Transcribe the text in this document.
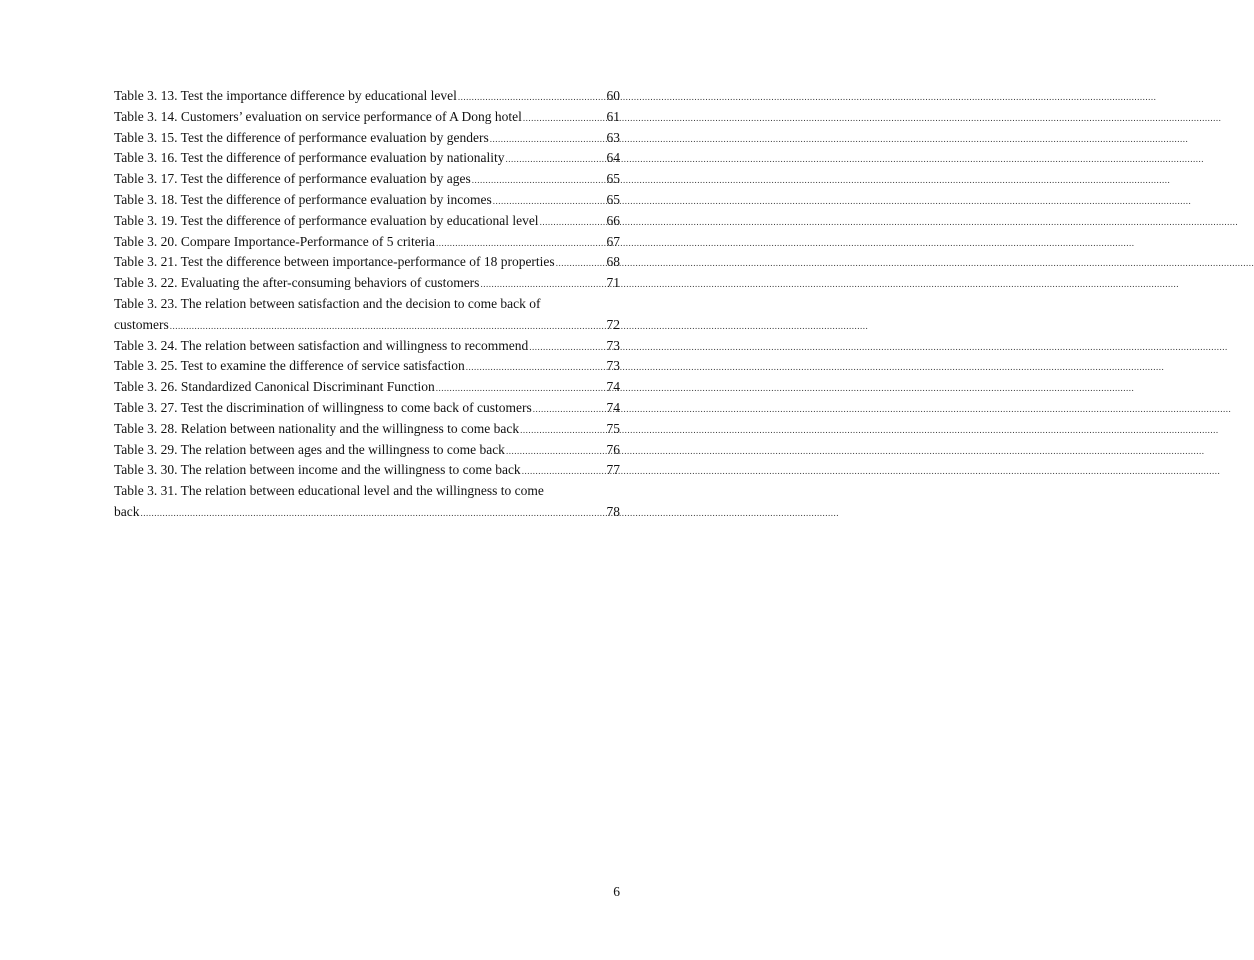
Table 3. 13. Test the importance difference by educational level .....	60
Table 3. 14. Customers’ evaluation on service performance of A Dong hotel .....	61
Table 3. 15. Test the difference of performance evaluation by genders .....	63
Table 3. 16. Test the difference of performance evaluation by nationality .....	64
Table 3. 17. Test the difference of performance evaluation by ages .....	65
Table 3. 18. Test the difference of performance evaluation by incomes .....	65
Table 3. 19. Test the difference of performance evaluation by educational level .....	66
Table 3. 20. Compare Importance-Performance of 5 criteria .....	67
Table 3. 21. Test the difference between importance-performance of 18 properties .....	68
Table 3. 22. Evaluating the after-consuming behaviors of customers .....	71
Table 3. 23. The relation between satisfaction and the decision to come back of
customers .....	72
Table 3. 24. The relation between satisfaction and willingness to recommend .....	73
Table 3. 25. Test to examine the difference of service satisfaction .....	73
Table 3. 26. Standardized Canonical Discriminant Function .....	74
Table 3. 27. Test the discrimination of willingness to come back of customers .....	74
Table 3. 28. Relation between nationality and the willingness to come back .....	75
Table 3. 29. The relation between ages and the willingness to come back .....	76
Table 3. 30. The relation between income and the willingness to come back .....	77
Table 3. 31. The relation between educational level and the willingness to come
back .....	78
6
